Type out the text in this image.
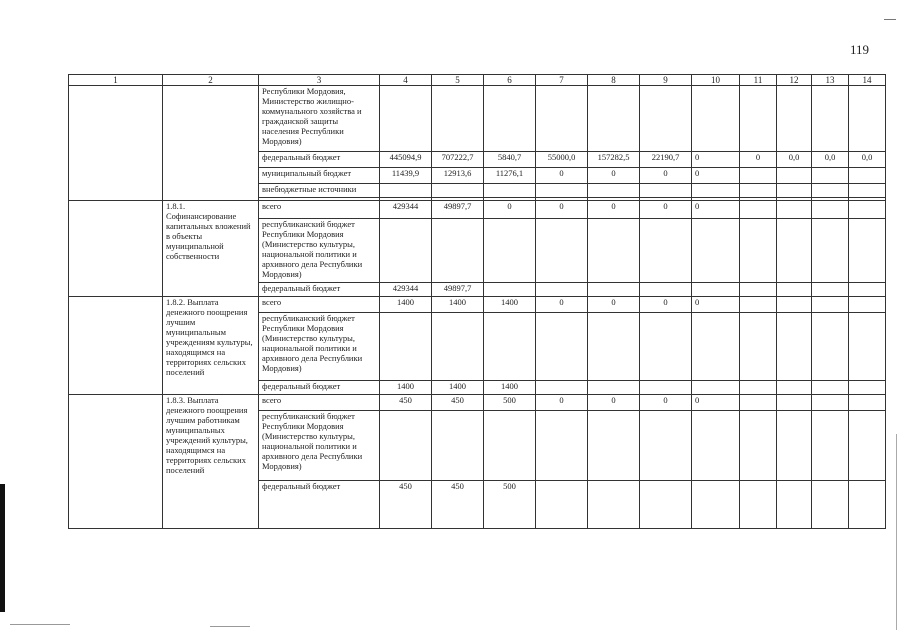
119
1	2	3	4	5	6	7	8	9	10	11	12	13	14
		Республики Мордовия, Министерство жилищно-коммунального хозяйства и гражданской защиты населения Республики Мордовия)											
		федеральный бюджет	445094,9	707222,7	5840,7	55000,0	157282,5	22190,7	0	0	0,0	0,0	0,0
		муниципальный бюджет	11439,9	12913,6	11276,1	0	0	0	0				
		внебюджетные источники											

	1.8.1. Софинансирование капитальных вложений в объекты муниципальной собственности	всего	429344	49897,7	0	0	0	0	0				
		республиканский бюджет Республики Мордовия (Министерство культуры, национальной политики и архивного дела Республики Мордовия)											
		федеральный бюджет	429344	49897,7									
	1.8.2. Выплата денежного поощрения лучшим муниципальным учреждениям культуры, находящимся на территориях сельских поселений	всего	1400	1400	1400	0	0	0	0				
		республиканский бюджет Республики Мордовия (Министерство культуры, национальной политики и архивного дела Республики Мордовия)											
		федеральный бюджет	1400	1400	1400								
	1.8.3. Выплата денежного поощрения лучшим работникам муниципальных учреждений культуры, находящимся на территориях сельских поселений	всего	450	450	500	0	0	0	0				
		республиканский бюджет Республики Мордовия (Министерство культуры, национальной политики и архивного дела Республики Мордовия)											
		федеральный бюджет	450	450	500								
